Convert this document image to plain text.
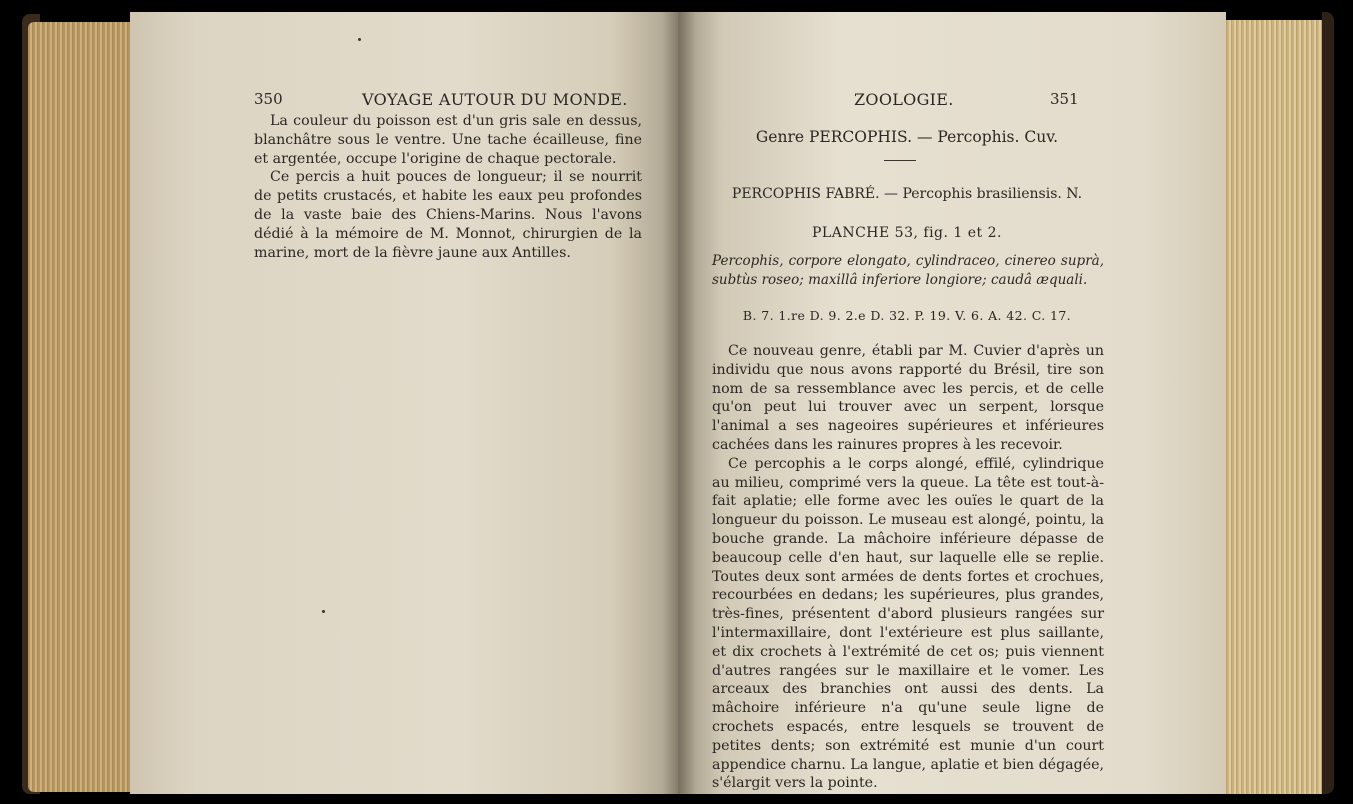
350	VOYAGE AUTOUR DU MONDE.

La couleur du poisson est d'un gris sale en dessus, blanchâtre sous le ventre. Une tache écailleuse, fine et argentée, occupe l'origine de chaque pectorale.

Ce percis a huit pouces de longueur; il se nourrit de petits crustacés, et habite les eaux peu profondes de la vaste baie des Chiens-Marins. Nous l'avons dédié à la mémoire de M. Monnot, chirurgien de la marine, mort de la fièvre jaune aux Antilles.

ZOOLOGIE.	351
Genre PERCOPHIS. — Percophis. Cuv.
PERCOPHIS FABRÉ. — Percophis brasiliensis. N.
PLANCHE 53, fig. 1 et 2.

Percophis, corpore elongato, cylindraceo, cinereo suprà, subtùs roseo; maxillâ inferiore longiore; caudâ æquali.

B. 7. 1.re D. 9. 2.e D. 32. P. 19. V. 6. A. 42. C. 17.

Ce nouveau genre, établi par M. Cuvier d'après un individu que nous avons rapporté du Brésil, tire son nom de sa ressemblance avec les percis, et de celle qu'on peut lui trouver avec un serpent, lorsque l'animal a ses nageoires supérieures et inférieures cachées dans les rainures propres à les recevoir.

Ce percophis a le corps alongé, effilé, cylindrique au milieu, comprimé vers la queue. La tête est tout-à-fait aplatie; elle forme avec les ouïes le quart de la longueur du poisson. Le museau est alongé, pointu, la bouche grande. La mâchoire inférieure dépasse de beaucoup celle d'en haut, sur laquelle elle se replie. Toutes deux sont armées de dents fortes et crochues, recourbées en dedans; les supérieures, plus grandes, très-fines, présentent d'abord plusieurs rangées sur l'intermaxillaire, dont l'extérieure est plus saillante, et dix crochets à l'extrémité de cet os; puis viennent d'autres rangées sur le maxillaire et le vomer. Les arceaux des branchies ont aussi des dents. La mâchoire inférieure n'a qu'une seule ligne de crochets espacés, entre lesquels se trouvent de petites dents; son extrémité est munie d'un court appendice charnu. La langue, aplatie et bien dégagée, s'élargit vers la pointe.
